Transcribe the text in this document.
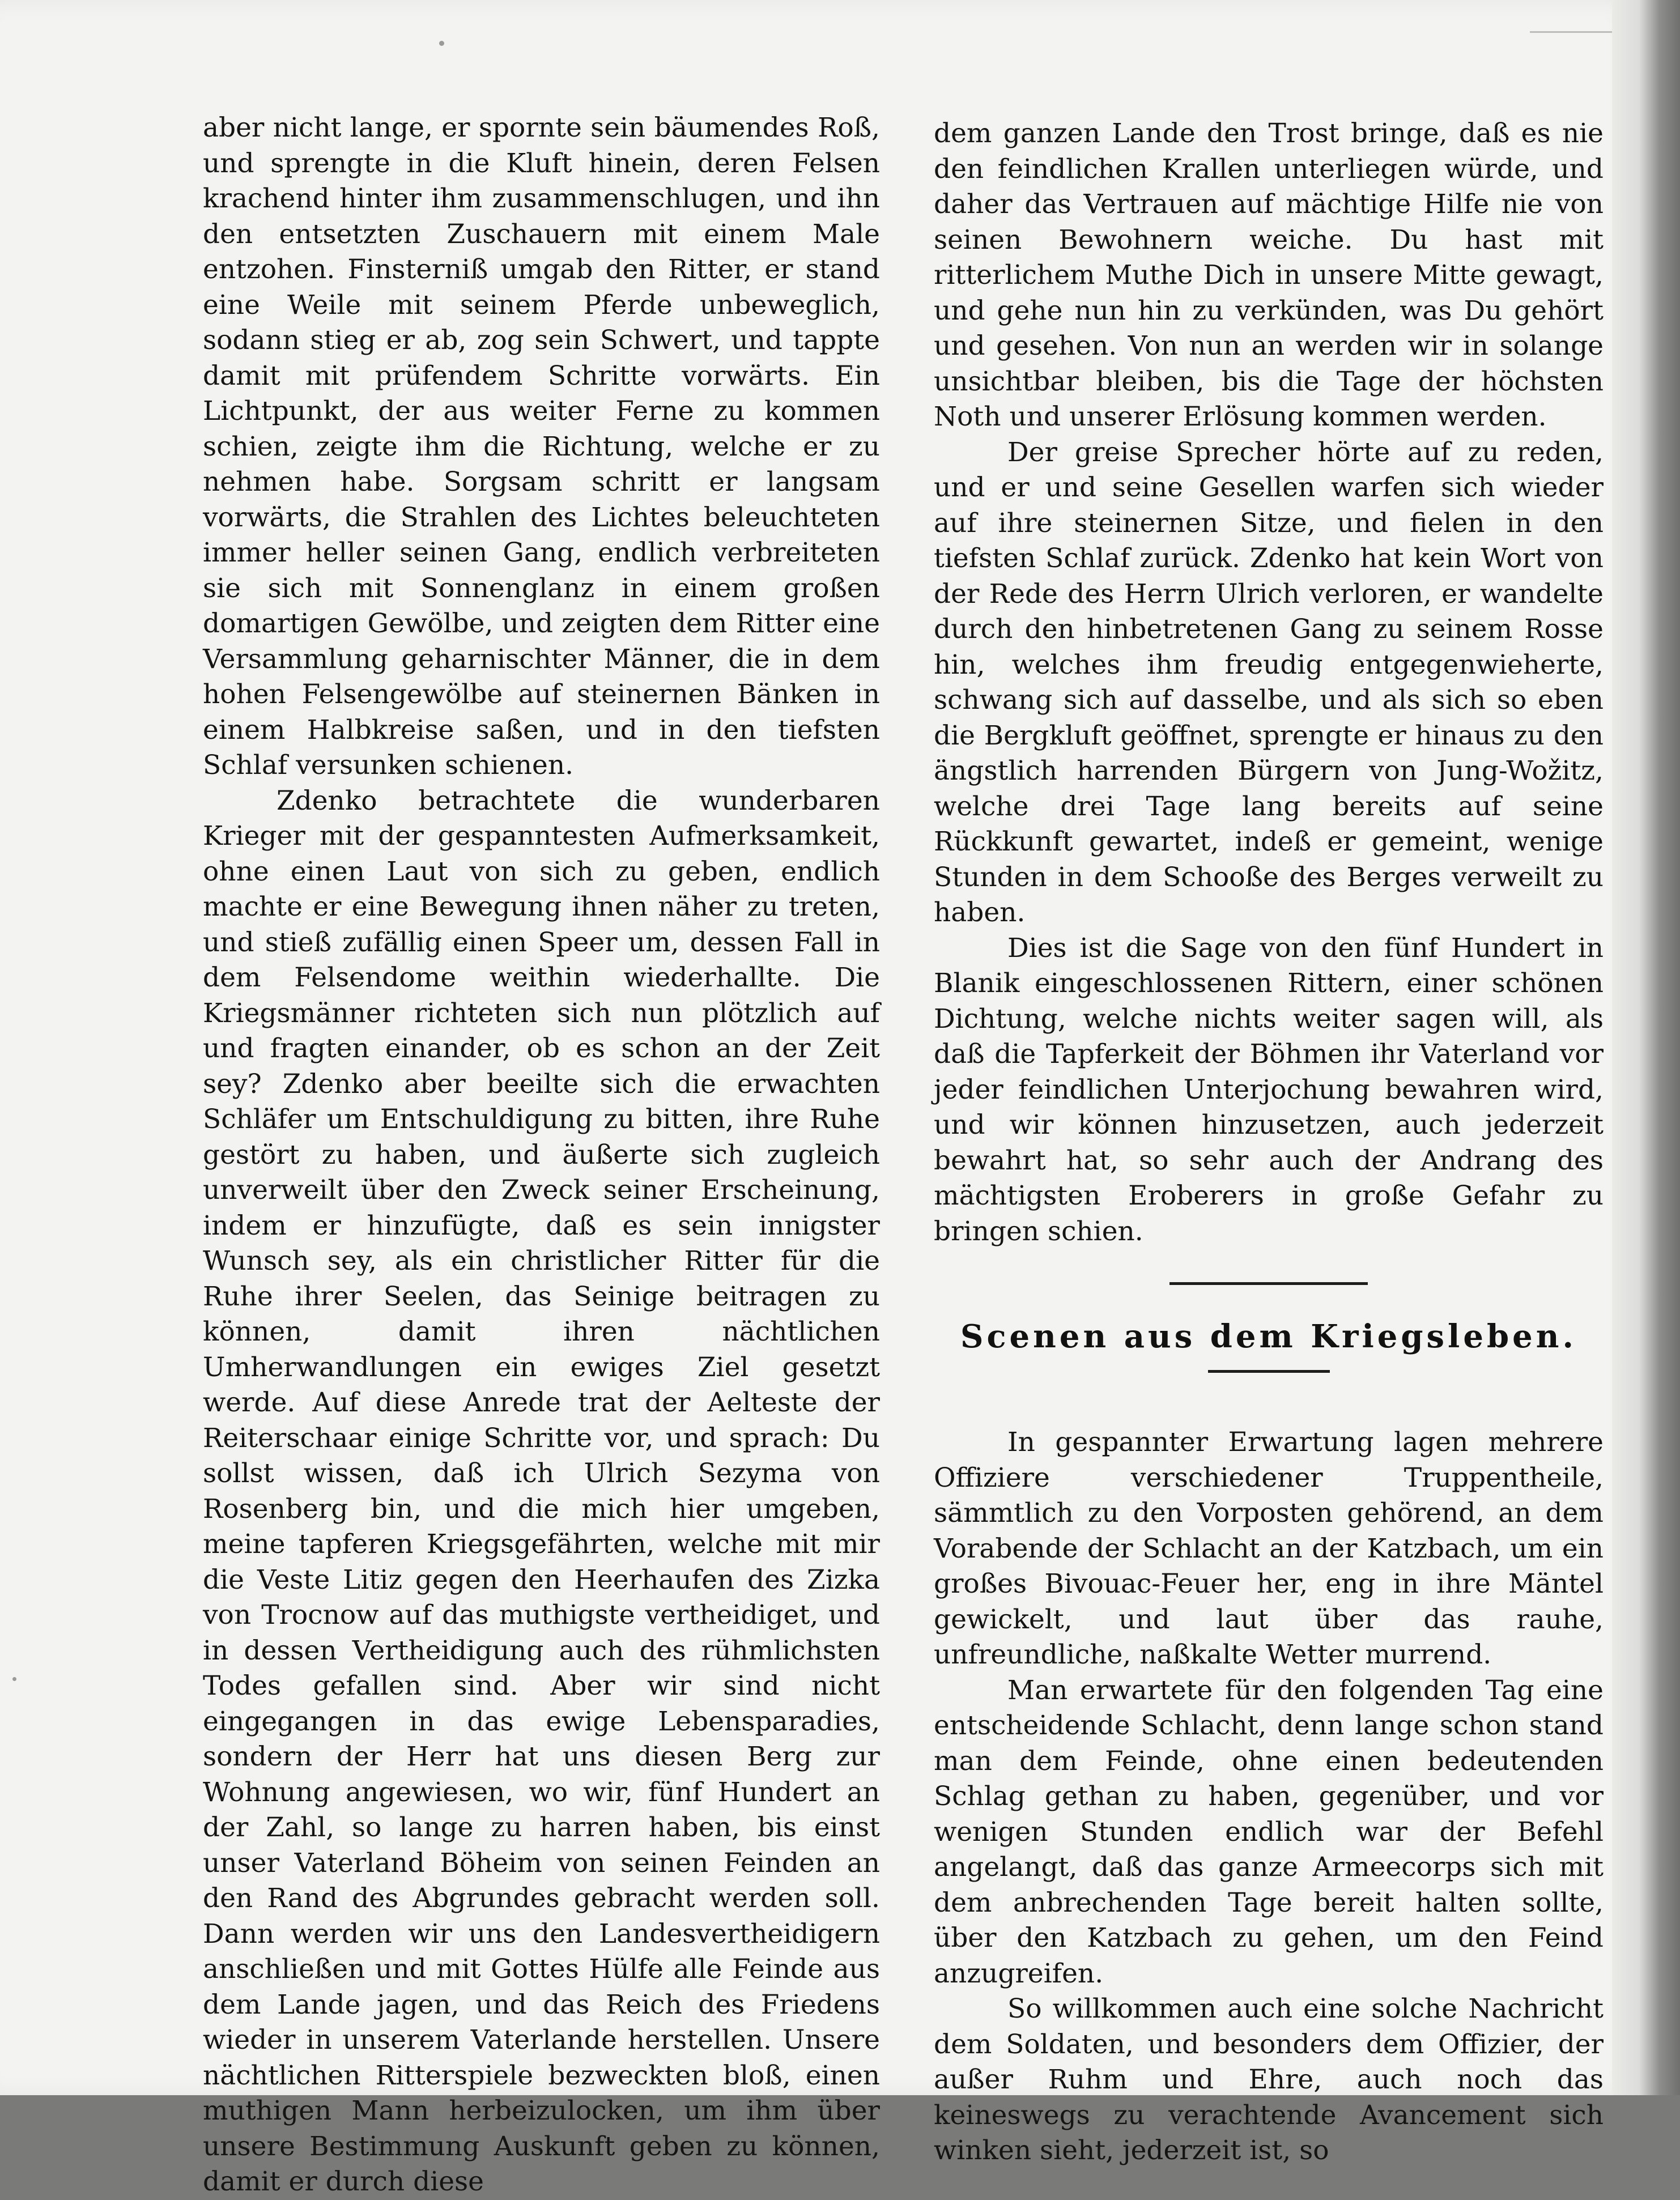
aber nicht lange, er spornte sein bäumendes Roß, und sprengte in die Kluft hinein, deren Felsen krachend hinter ihm zusammenschlugen, und ihn den entsetzten Zuschauern mit einem Male entzohen. Finsterniß umgab den Ritter, er stand eine Weile mit seinem Pferde unbeweglich, sodann stieg er ab, zog sein Schwert, und tappte damit mit prüfendem Schritte vorwärts. Ein Lichtpunkt, der aus weiter Ferne zu kommen schien, zeigte ihm die Richtung, welche er zu nehmen habe. Sorgsam schritt er langsam vorwärts, die Strahlen des Lichtes beleuchteten immer heller seinen Gang, endlich verbreiteten sie sich mit Sonnenglanz in einem großen domartigen Gewölbe, und zeigten dem Ritter eine Versammlung geharnischter Männer, die in dem hohen Felsengewölbe auf steinernen Bänken in einem Halbkreise saßen, und in den tiefsten Schlaf versunken schienen.

Zdenko betrachtete die wunderbaren Krieger mit der gespanntesten Aufmerksamkeit, ohne einen Laut von sich zu geben, endlich machte er eine Bewegung ihnen näher zu treten, und stieß zufällig einen Speer um, dessen Fall in dem Felsendome weithin wiederhallte. Die Kriegsmänner richteten sich nun plötzlich auf und fragten einander, ob es schon an der Zeit sey? Zdenko aber beeilte sich die erwachten Schläfer um Entschuldigung zu bitten, ihre Ruhe gestört zu haben, und äußerte sich zugleich unverweilt über den Zweck seiner Erscheinung, indem er hinzufügte, daß es sein innigster Wunsch sey, als ein christlicher Ritter für die Ruhe ihrer Seelen, das Seinige beitragen zu können, damit ihren nächtlichen Umherwandlungen ein ewiges Ziel gesetzt werde. Auf diese Anrede trat der Aelteste der Reiterschaar einige Schritte vor, und sprach: Du sollst wissen, daß ich Ulrich Sezyma von Rosenberg bin, und die mich hier umgeben, meine tapferen Kriegsgefährten, welche mit mir die Veste Litiz gegen den Heerhaufen des Zizka von Trocnow auf das muthigste vertheidiget, und in dessen Vertheidigung auch des rühmlichsten Todes gefallen sind. Aber wir sind nicht eingegangen in das ewige Lebensparadies, sondern der Herr hat uns diesen Berg zur Wohnung angewiesen, wo wir, fünf Hundert an der Zahl, so lange zu harren haben, bis einst unser Vaterland Böheim von seinen Feinden an den Rand des Abgrundes gebracht werden soll. Dann werden wir uns den Landesvertheidigern anschließen und mit Gottes Hülfe alle Feinde aus dem Lande jagen, und das Reich des Friedens wieder in unserem Vaterlande herstellen. Unsere nächtlichen Ritterspiele bezweckten bloß, einen muthigen Mann herbeizulocken, um ihm über unsere Bestimmung Auskunft geben zu können, damit er durch diese

dem ganzen Lande den Trost bringe, daß es nie den feindlichen Krallen unterliegen würde, und daher das Vertrauen auf mächtige Hilfe nie von seinen Bewohnern weiche. Du hast mit ritterlichem Muthe Dich in unsere Mitte gewagt, und gehe nun hin zu verkünden, was Du gehört und gesehen. Von nun an werden wir in solange unsichtbar bleiben, bis die Tage der höchsten Noth und unserer Erlösung kommen werden.

Der greise Sprecher hörte auf zu reden, und er und seine Gesellen warfen sich wieder auf ihre steinernen Sitze, und fielen in den tiefsten Schlaf zurück. Zdenko hat kein Wort von der Rede des Herrn Ulrich verloren, er wandelte durch den hinbetretenen Gang zu seinem Rosse hin, welches ihm freudig entgegenwieherte, schwang sich auf dasselbe, und als sich so eben die Bergkluft geöffnet, sprengte er hinaus zu den ängstlich harrenden Bürgern von Jung-Wožitz, welche drei Tage lang bereits auf seine Rückkunft gewartet, indeß er gemeint, wenige Stunden in dem Schooße des Berges verweilt zu haben.

Dies ist die Sage von den fünf Hundert in Blanik eingeschlossenen Rittern, einer schönen Dichtung, welche nichts weiter sagen will, als daß die Tapferkeit der Böhmen ihr Vaterland vor jeder feindlichen Unterjochung bewahren wird, und wir können hinzusetzen, auch jederzeit bewahrt hat, so sehr auch der Andrang des mächtigsten Eroberers in große Gefahr zu bringen schien.

Scenen aus dem Kriegsleben.

In gespannter Erwartung lagen mehrere Offiziere verschiedener Truppentheile, sämmtlich zu den Vorposten gehörend, an dem Vorabende der Schlacht an der Katzbach, um ein großes Bivouac-Feuer her, eng in ihre Mäntel gewickelt, und laut über das rauhe, unfreundliche, naßkalte Wetter murrend.

Man erwartete für den folgenden Tag eine entscheidende Schlacht, denn lange schon stand man dem Feinde, ohne einen bedeutenden Schlag gethan zu haben, gegenüber, und vor wenigen Stunden endlich war der Befehl angelangt, daß das ganze Armeecorps sich mit dem anbrechenden Tage bereit halten sollte, über den Katzbach zu gehen, um den Feind anzugreifen.

So willkommen auch eine solche Nachricht dem Soldaten, und besonders dem Offizier, der außer Ruhm und Ehre, auch noch das keineswegs zu verachtende Avancement sich winken sieht, jederzeit ist, so
